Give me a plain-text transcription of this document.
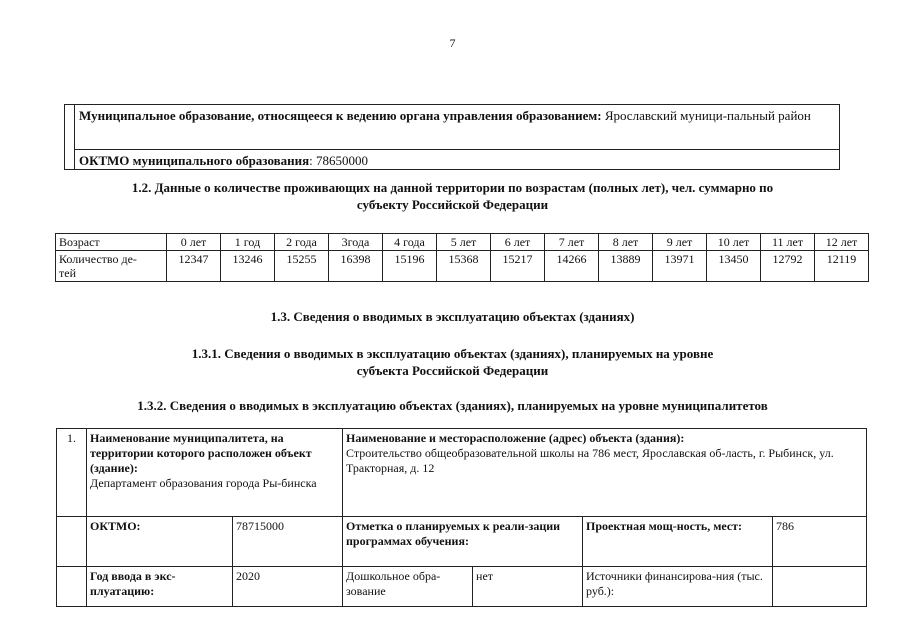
7
	Муниципальное образование, относящееся к ведению органа управления образованием: Ярославский муници-пальный район
ОКТМО муниципального образования: 78650000
1.2. Данные о количестве проживающих на данной территории по возрастам (полных лет), чел. суммарно по
субъекту Российской Федерации
Возраст	0 лет	1 год	2 года	3года	4 года	5 лет	6 лет	7 лет	8 лет	9 лет	10 лет	11 лет	12 лет

Количество де-
тей	12347	13246	15255	16398	15196	15368	15217	14266	13889	13971	13450	12792	12119
1.3. Сведения о вводимых в эксплуатацию объектах (зданиях)
1.3.1. Сведения о вводимых в эксплуатацию объектах (зданиях), планируемых на уровне
субъекта Российской Федерации
1.3.2. Сведения о вводимых в эксплуатацию объектах (зданиях), планируемых на уровне муниципалитетов
1.	Наименование муниципалитета, на территории которого расположен объект (здание):
Департамент образования города Ры-бинска		Наименование и месторасположение (адрес) объекта (здания):
Строительство общеобразовательной школы на 786 мест, Ярославская об-ласть, г. Рыбинск, ул. Тракторная, д. 12			

	ОКТМО:	78715000	Отметка о планируемых к реали-зации программах обучения:		Проектная мощ-ность, мест:	786
	Год ввода в экс-плуатацию:	2020	Дошкольное обра-зование	нет	Источники финансирова-ния (тыс. руб.):	
